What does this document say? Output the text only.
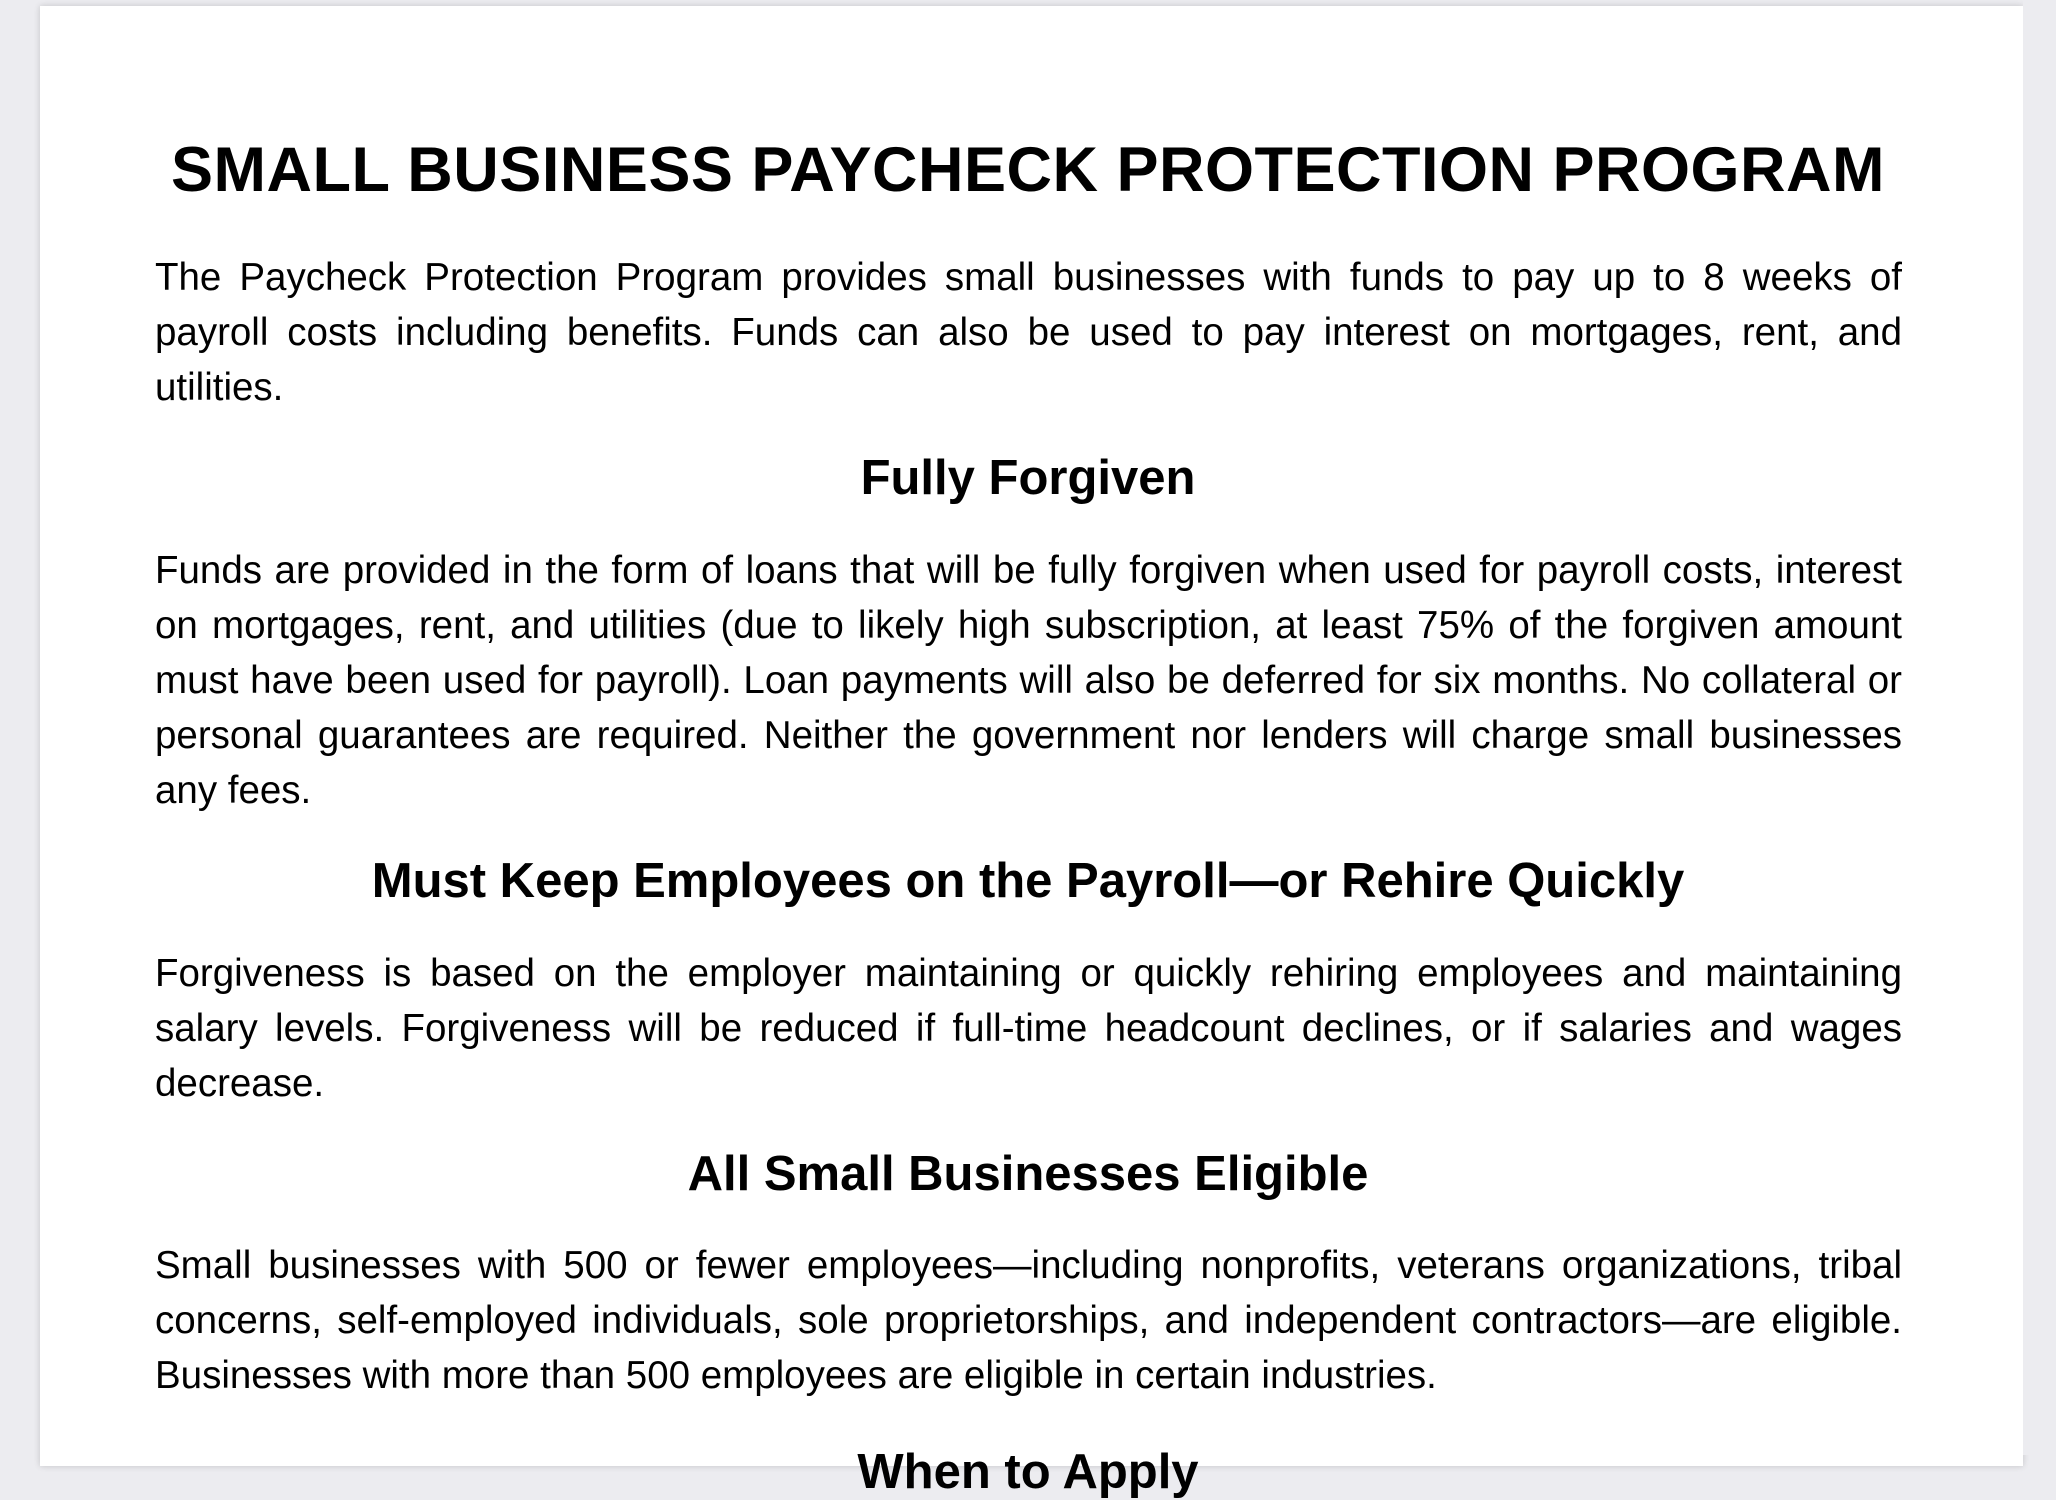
SMALL BUSINESS PAYCHECK PROTECTION PROGRAM

The Paycheck Protection Program provides small businesses with funds to pay up to 8 weeks of payroll costs including benefits. Funds can also be used to pay interest on mortgages, rent, and utilities.

Fully Forgiven

Funds are provided in the form of loans that will be fully forgiven when used for payroll costs, interest on mortgages, rent, and utilities (due to likely high subscription, at least 75% of the forgiven amount must have been used for payroll). Loan payments will also be deferred for six months. No collateral or personal guarantees are required. Neither the government nor lenders will charge small businesses any fees.

Must Keep Employees on the Payroll—or Rehire Quickly

Forgiveness is based on the employer maintaining or quickly rehiring employees and maintaining salary levels. Forgiveness will be reduced if full-time headcount declines, or if salaries and wages decrease.

All Small Businesses Eligible

Small businesses with 500 or fewer employees—including nonprofits, veterans organizations, tribal concerns, self-employed individuals, sole proprietorships, and independent contractors—are eligible. Businesses with more than 500 employees are eligible in certain industries.

When to Apply
